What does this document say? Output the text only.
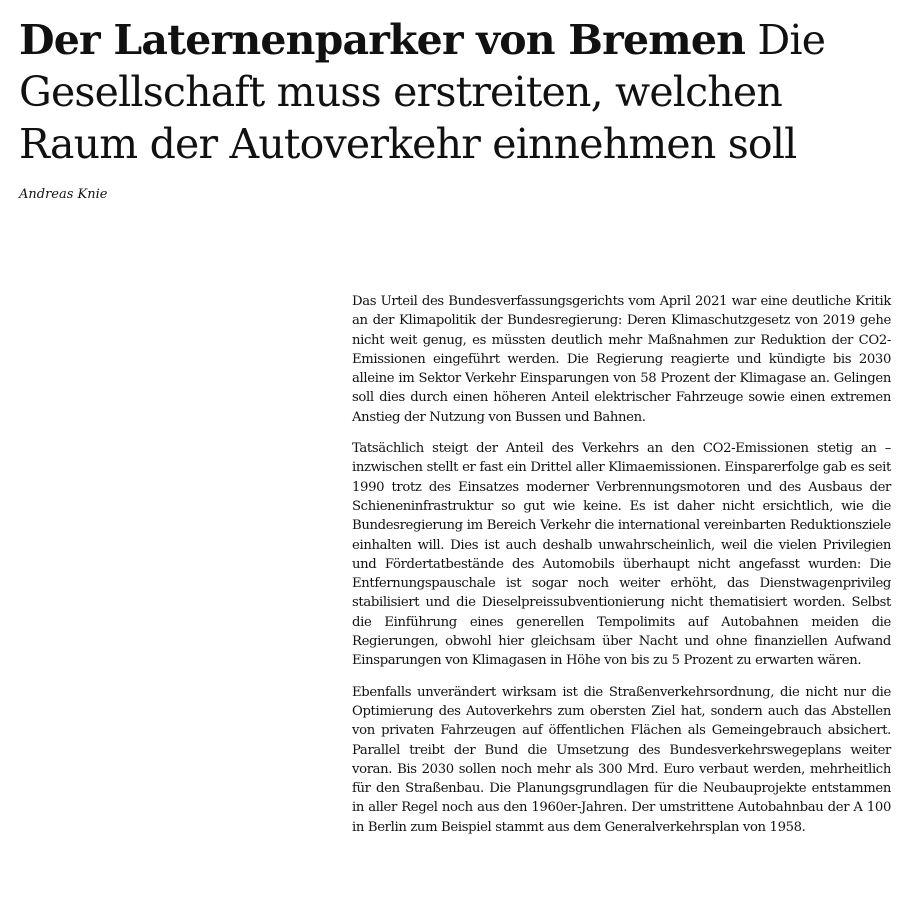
Der Laternenparker von Bremen Die Gesellschaft muss erstreiten, welchen Raum der Autoverkehr einnehmen soll

Andreas Knie

Das Urteil des Bundesverfassungsgerichts vom April 2021 war eine deutliche Kritik an der Klimapolitik der Bundesregierung: Deren Klimaschutzgesetz von 2019 gehe nicht weit genug, es müssten deutlich mehr Maßnahmen zur Reduktion der CO2-Emissionen eingeführt werden. Die Regierung reagierte und kündigte bis 2030 alleine im Sektor Verkehr Einsparungen von 58 Prozent der Klimagase an. Gelingen soll dies durch einen höheren Anteil elektrischer Fahrzeuge sowie einen extremen Anstieg der Nutzung von Bussen und Bahnen.

Tatsächlich steigt der Anteil des Verkehrs an den CO2-Emissionen stetig an – inzwischen stellt er fast ein Drittel aller Klimaemissionen. Einsparerfolge gab es seit 1990 trotz des Einsatzes moderner Verbrennungsmotoren und des Ausbaus der Schieneninfrastruktur so gut wie keine. Es ist daher nicht ersichtlich, wie die Bundesregierung im Bereich Verkehr die international vereinbarten Reduktionsziele einhalten will. Dies ist auch deshalb unwahrscheinlich, weil die vielen Privilegien und Fördertatbestände des Automobils überhaupt nicht angefasst wurden: Die Entfernungspauschale ist sogar noch weiter erhöht, das Dienstwagenprivileg stabilisiert und die Dieselpreissubventionierung nicht thematisiert worden. Selbst die Einführung eines generellen Tempolimits auf Autobahnen meiden die Regierungen, obwohl hier gleichsam über Nacht und ohne finanziellen Aufwand Einsparungen von Klimagasen in Höhe von bis zu 5 Prozent zu erwarten wären.

Ebenfalls unverändert wirksam ist die Straßenverkehrsordnung, die nicht nur die Optimierung des Autoverkehrs zum obersten Ziel hat, sondern auch das Abstellen von privaten Fahrzeugen auf öffentlichen Flächen als Gemeingebrauch absichert. Parallel treibt der Bund die Umsetzung des Bundesverkehrswegeplans weiter voran. Bis 2030 sollen noch mehr als 300 Mrd. Euro verbaut werden, mehrheitlich für den Straßenbau. Die Planungsgrundlagen für die Neubauprojekte entstammen in aller Regel noch aus den 1960er-Jahren. Der umstrittene Autobahnbau der A 100 in Berlin zum Beispiel stammt aus dem Generalverkehrsplan von 1958.
